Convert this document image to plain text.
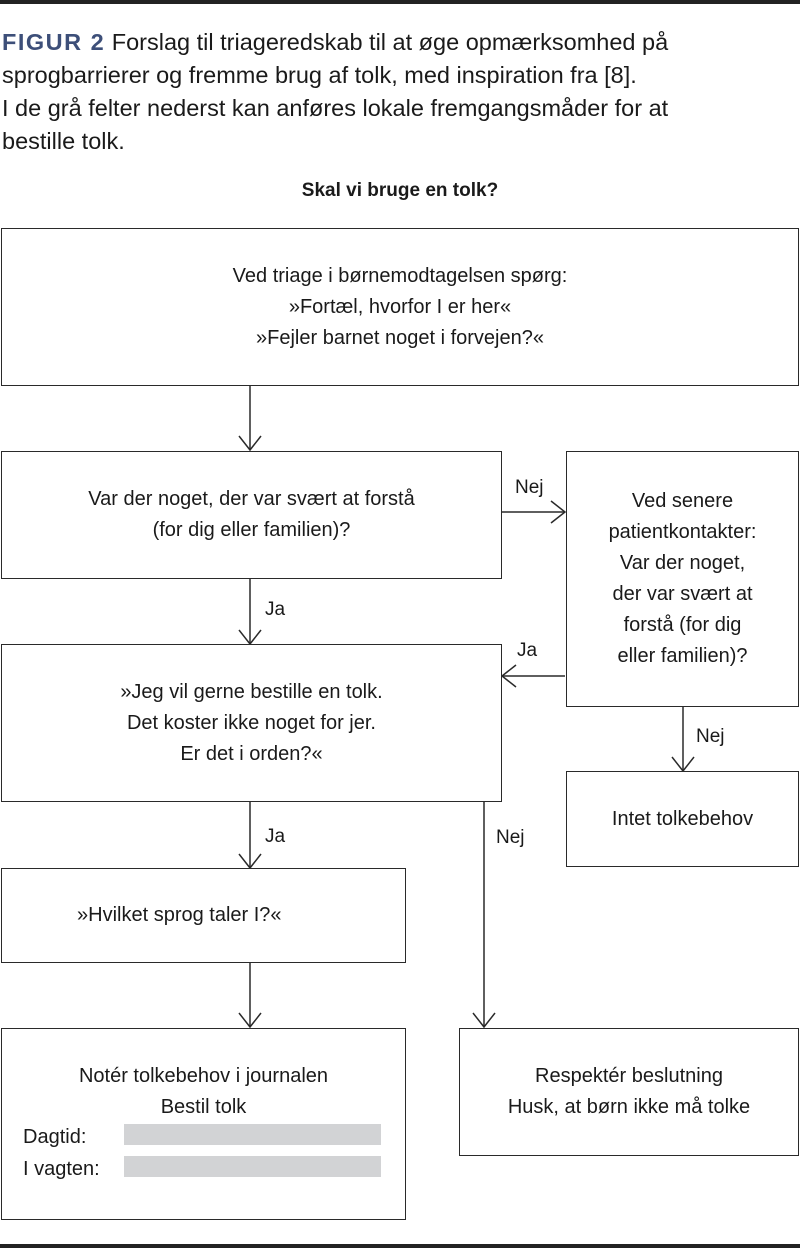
FIGUR 2 Forslag til triageredskab til at øge opmærksomhed på
sprogbarrierer og fremme brug af tolk, med inspiration fra [8].
I de grå felter nederst kan anføres lokale fremgangsmåder for at
bestille tolk.
Skal vi bruge en tolk?
Ved triage i børnemodtagelsen spørg:
»Fortæl, hvorfor I er her«
»Fejler barnet noget i forvejen?«
Var der noget, der var svært at forstå
(for dig eller familien)?
Ved senere
patientkontakter:
Var der noget,
der var svært at
forstå (for dig
eller familien)?
»Jeg vil gerne bestille en tolk.
Det koster ikke noget for jer.
Er det i orden?«
Intet tolkebehov
»Hvilket sprog taler I?«
Notér tolkebehov i journalen
Bestil tolk
Dagtid:
I vagten:
Respektér beslutning
Husk, at børn ikke må tolke
Nej
Ja
Ja
Nej
Ja	Nej
